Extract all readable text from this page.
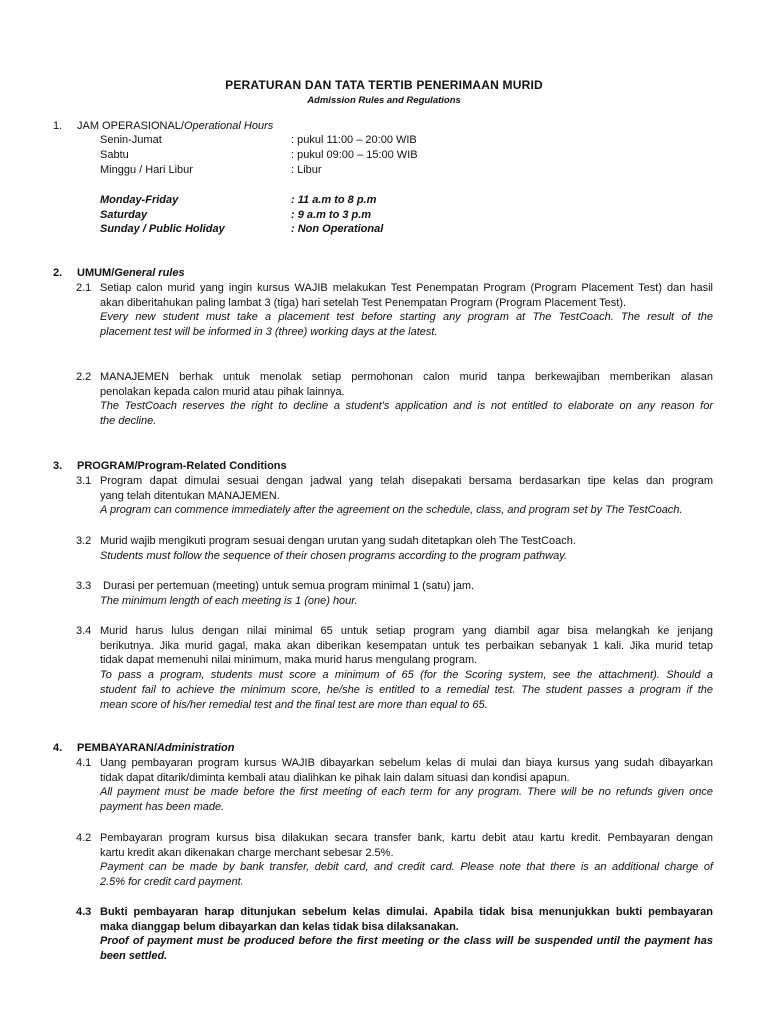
PERATURAN DAN TATA TERTIB PENERIMAAN MURID
Admission Rules and Regulations
1. JAM OPERASIONAL/Operational Hours
Senin-Jumat	: pukul 11:00 – 20:00 WIB
Sabtu	: pukul 09:00 – 15:00 WIB
Minggu / Hari Libur	: Libur
Monday-Friday	: 11 a.m to 8 p.m
Saturday	: 9 a.m to 3 p.m
Sunday / Public Holiday	: Non Operational
2. UMUM/General rules
2.1 Setiap calon murid yang ingin kursus WAJIB melakukan Test Penempatan Program (Program Placement Test) dan hasil
akan diberitahukan paling lambat 3 (tiga) hari setelah Test Penempatan Program (Program Placement Test).
Every new student must take a placement test before starting any program at The TestCoach. The result of the
placement test will be informed in 3 (three) working days at the latest.
2.2 MANAJEMEN berhak untuk menolak setiap permohonan calon murid tanpa berkewajiban memberikan alasan
penolakan kepada calon murid atau pihak lainnya.
The TestCoach reserves the right to decline a student's application and is not entitled to elaborate on any reason for
the decline.
3. PROGRAM/Program-Related Conditions
3.1 Program dapat dimulai sesuai dengan jadwal yang telah disepakati bersama berdasarkan tipe kelas dan program
yang telah ditentukan MANAJEMEN.
A program can commence immediately after the agreement on the schedule, class, and program set by The TestCoach.
3.2 Murid wajib mengikuti program sesuai dengan urutan yang sudah ditetapkan oleh The TestCoach.
Students must follow the sequence of their chosen programs according to the program pathway.
3.3 Durasi per pertemuan (meeting) untuk semua program minimal 1 (satu) jam.
The minimum length of each meeting is 1 (one) hour.
3.4 Murid harus lulus dengan nilai minimal 65 untuk setiap program yang diambil agar bisa melangkah ke jenjang
berikutnya. Jika murid gagal, maka akan diberikan kesempatan untuk tes perbaikan sebanyak 1 kali. Jika murid tetap
tidak dapat memenuhi nilai minimum, maka murid harus mengulang program.
To pass a program, students must score a minimum of 65 (for the Scoring system, see the attachment). Should a
student fail to achieve the minimum score, he/she is entitled to a remedial test. The student passes a program if the
mean score of his/her remedial test and the final test are more than equal to 65.
4. PEMBAYARAN/Administration
4.1 Uang pembayaran program kursus WAJIB dibayarkan sebelum kelas di mulai dan biaya kursus yang sudah dibayarkan
tidak dapat ditarik/diminta kembali atau dialihkan ke pihak lain dalam situasi dan kondisi apapun.
All payment must be made before the first meeting of each term for any program. There will be no refunds given once
payment has been made.
4.2 Pembayaran program kursus bisa dilakukan secara transfer bank, kartu debit atau kartu kredit. Pembayaran dengan
kartu kredit akan dikenakan charge merchant sebesar 2.5%.
Payment can be made by bank transfer, debit card, and credit card. Please note that there is an additional charge of
2.5% for credit card payment.
4.3 Bukti pembayaran harap ditunjukan sebelum kelas dimulai. Apabila tidak bisa menunjukkan bukti pembayaran
maka dianggap belum dibayarkan dan kelas tidak bisa dilaksanakan.
Proof of payment must be produced before the first meeting or the class will be suspended until the payment has
been settled.
